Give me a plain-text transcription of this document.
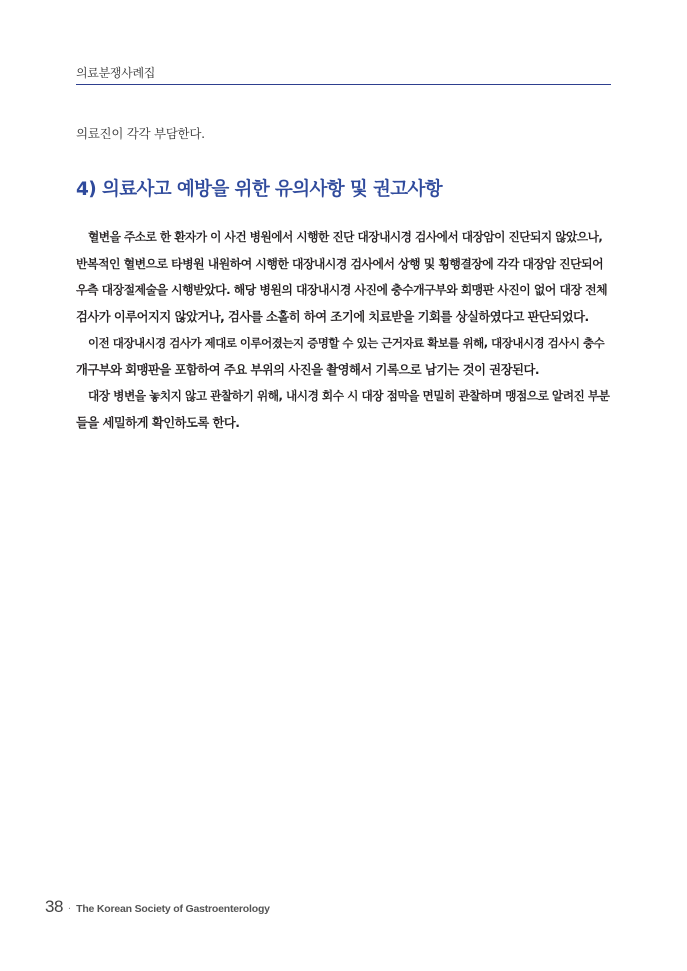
의료분쟁사례집
의료진이 각각 부담한다.
4) 의료사고 예방을 위한 유의사항 및 권고사항
혈변을 주소로 한 환자가 이 사건 병원에서 시행한 진단 대장내시경 검사에서 대장암이 진단되지 않았으나,
반복적인 혈변으로 타병원 내원하여 시행한 대장내시경 검사에서 상행 및 횡행결장에 각각 대장암 진단되어
우측 대장절제술을 시행받았다. 해당 병원의 대장내시경 사진에 충수개구부와 회맹판 사진이 없어 대장 전체
검사가 이루어지지 않았거나, 검사를 소홀히 하여 조기에 치료받을 기회를 상실하였다고 판단되었다.
이전 대장내시경 검사가 제대로 이루어졌는지 증명할 수 있는 근거자료 확보를 위해, 대장내시경 검사시 충수
개구부와 회맹판을 포함하여 주요 부위의 사진을 촬영해서 기록으로 남기는 것이 권장된다.
대장 병변을 놓치지 않고 관찰하기 위해, 내시경 회수 시 대장 점막을 면밀히 관찰하며 맹점으로 알려진 부분
들을 세밀하게 확인하도록 한다.
38 · The Korean Society of Gastroenterology
